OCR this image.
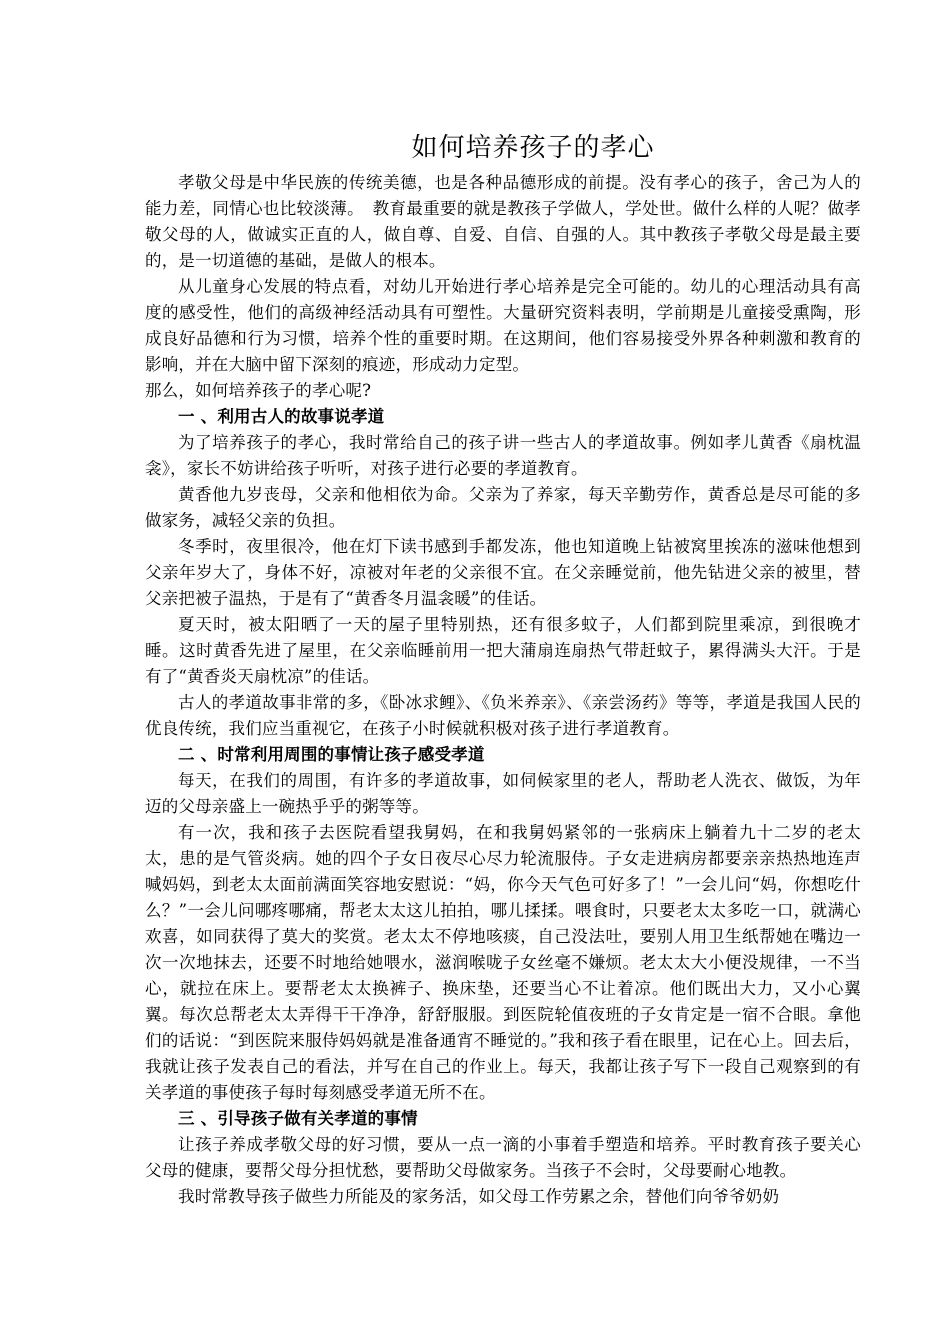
如何培养孩子的孝心

孝敬父母是中华民族的传统美德，也是各种品德形成的前提。没有孝心的孩子，舍己为人的能力差，同情心也比较淡薄。　教育最重要的就是教孩子学做人，学处世。做什么样的人呢？做孝敬父母的人，做诚实正直的人，做自尊、自爱、自信、自强的人。其中教孩子孝敬父母是最主要的，是一切道德的基础，是做人的根本。

从儿童身心发展的特点看，对幼儿开始进行孝心培养是完全可能的。幼儿的心理活动具有高度的感受性，他们的高级神经活动具有可塑性。大量研究资料表明，学前期是儿童接受熏陶，形成良好品德和行为习惯，培养个性的重要时期。在这期间，他们容易接受外界各种刺激和教育的影响，并在大脑中留下深刻的痕迹，形成动力定型。

那么，如何培养孩子的孝心呢?

一 、利用古人的故事说孝道

为了培养孩子的孝心，我时常给自己的孩子讲一些古人的孝道故事。例如孝儿黄香《扇枕温衾》，家长不妨讲给孩子听听，对孩子进行必要的孝道教育。

黄香他九岁丧母，父亲和他相依为命。父亲为了养家，每天辛勤劳作，黄香总是尽可能的多做家务，减轻父亲的负担。

冬季时，夜里很冷，他在灯下读书感到手都发冻，他也知道晚上钻被窝里挨冻的滋味他想到父亲年岁大了，身体不好，凉被对年老的父亲很不宜。在父亲睡觉前，他先钻进父亲的被里，替父亲把被子温热，于是有了“黄香冬月温衾暖”的佳话。

夏天时，被太阳晒了一天的屋子里特别热，还有很多蚊子，人们都到院里乘凉，到很晚才睡。这时黄香先进了屋里，在父亲临睡前用一把大蒲扇连扇热气带赶蚊子，累得满头大汗。于是有了“黄香炎天扇枕凉”的佳话。

古人的孝道故事非常的多，《卧冰求鲤》、《负米养亲》、《亲尝汤药》等等，孝道是我国人民的优良传统，我们应当重视它，在孩子小时候就积极对孩子进行孝道教育。

二 、时常利用周围的事情让孩子感受孝道

每天，在我们的周围，有许多的孝道故事，如伺候家里的老人，帮助老人洗衣、做饭，为年迈的父母亲盛上一碗热乎乎的粥等等。

有一次，我和孩子去医院看望我舅妈，在和我舅妈紧邻的一张病床上躺着九十二岁的老太太，患的是气管炎病。她的四个子女日夜尽心尽力轮流服侍。子女走进病房都要亲亲热热地连声喊妈妈，到老太太面前满面笑容地安慰说：“妈，你今天气色可好多了！”一会儿问“妈，你想吃什么？”一会儿问哪疼哪痛，帮老太太这儿拍拍，哪儿揉揉。喂食时，只要老太太多吃一口，就满心欢喜，如同获得了莫大的奖赏。老太太不停地咳痰，自己没法吐，要别人用卫生纸帮她在嘴边一次一次地抹去，还要不时地给她喂水，滋润喉咙子女丝毫不嫌烦。老太太大小便没规律，一不当心，就拉在床上。要帮老太太换裤子、换床垫，还要当心不让着凉。他们既出大力，又小心翼翼。每次总帮老太太弄得干干净净，舒舒服服。到医院轮值夜班的子女肯定是一宿不合眼。拿他们的话说：“到医院来服侍妈妈就是准备通宵不睡觉的。”我和孩子看在眼里，记在心上。回去后，我就让孩子发表自己的看法，并写在自己的作业上。每天，我都让孩子写下一段自己观察到的有关孝道的事使孩子每时每刻感受孝道无所不在。

三 、引导孩子做有关孝道的事情

让孩子养成孝敬父母的好习惯，要从一点一滴的小事着手塑造和培养。平时教育孩子要关心父母的健康，要帮父母分担忧愁，要帮助父母做家务。当孩子不会时，父母要耐心地教。

我时常教导孩子做些力所能及的家务活，如父母工作劳累之余，替他们向爷爷奶奶
